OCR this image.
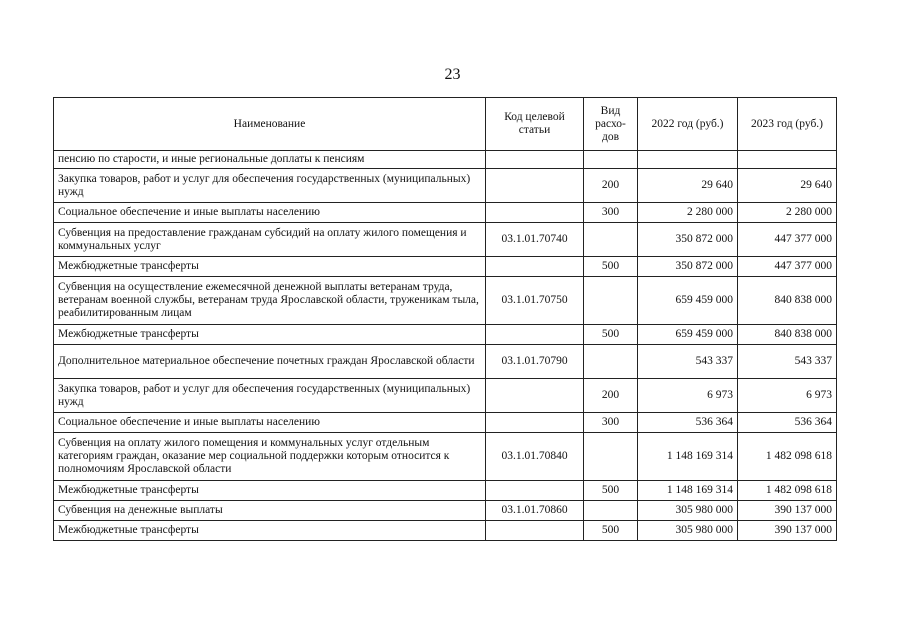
23
Наименование	Код целевой статьи	Вид расхо-дов	2022 год (руб.)	2023 год (руб.)
пенсию по старости, и иные региональные доплаты к пенсиям				
Закупка товаров, работ и услуг для обеспечения государственных (муниципальных) нужд		200	29 640	29 640
Социальное обеспечение и иные выплаты населению		300	2 280 000	2 280 000
Субвенция на предоставление гражданам субсидий на оплату жилого помещения и коммунальных услуг	03.1.01.70740		350 872 000	447 377 000
Межбюджетные трансферты		500	350 872 000	447 377 000
Субвенция на осуществление ежемесячной денежной выплаты ветеранам труда, ветеранам военной службы, ветеранам труда Ярославской области, труженикам тыла, реабилитированным лицам	03.1.01.70750		659 459 000	840 838 000
Межбюджетные трансферты		500	659 459 000	840 838 000
Дополнительное материальное обеспечение почетных граждан Ярославской области	03.1.01.70790		543 337	543 337
Закупка товаров, работ и услуг для обеспечения государственных (муниципальных) нужд		200	6 973	6 973
Социальное обеспечение и иные выплаты населению		300	536 364	536 364
Субвенция на оплату жилого помещения и коммунальных услуг отдельным категориям граждан, оказание мер социальной поддержки которым относится к полномочиям Ярославской области	03.1.01.70840		1 148 169 314	1 482 098 618
Межбюджетные трансферты		500	1 148 169 314	1 482 098 618
Субвенция на денежные выплаты	03.1.01.70860		305 980 000	390 137 000
Межбюджетные трансферты		500	305 980 000	390 137 000
